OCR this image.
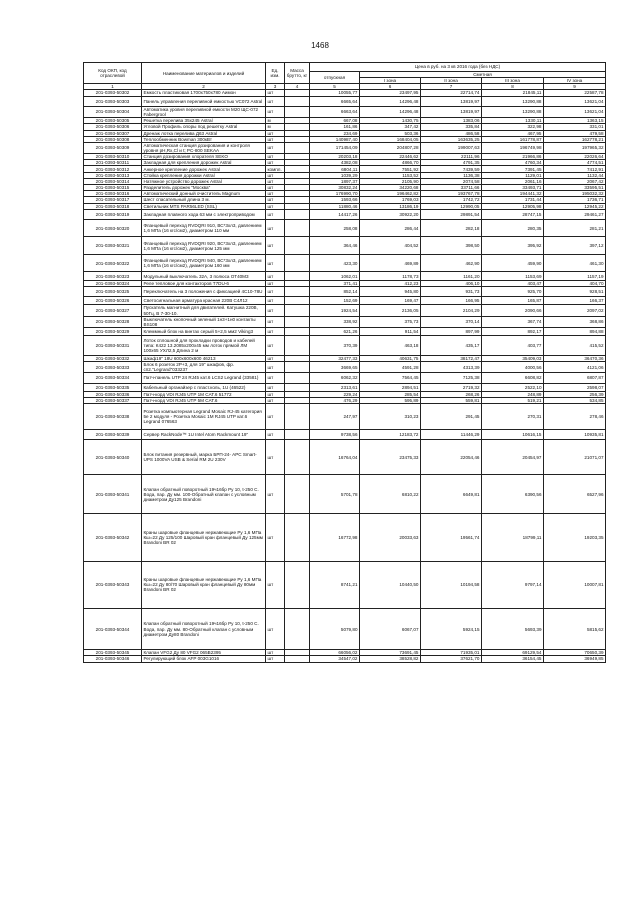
1468
Код ОКП, код отраслевой	Наименование материалов и изделий	Ед. изм.	Масса брутто, кг	Цена в руб. на 3 кв 2016 года (без НДС)				
				отпускная	Сметная			
					I зона	II зона	III зона	IV зона
1	2	3	4	5	6	7	8	9
201-0393-50302	Емкость пластиковая 1700х750х780 Аимон	шт		10055,77	23497,95	22714,74	21845,11	22587,78
201-0393-50303	Панель управления переливной емкостью VC072 Astral	шт		6665,64	14296,48	13819,97	13290,88	13621,04
201-0393-50304	Автоматика уровня переливной емкости M20 ЩС-072 Fabergrool	шт		6663,64	14296,48	13819,97	13290,88	13621,04
201-0393-50305	Решетка перелива 35х245 Astral	м		667,08	1430,75	1383,06	1330,11	1363,15
201-0393-50306	Угловой Профиль опоры под решетку Astral	м		161,86	347,42	335,84	322,98	331,01
201-0393-50307	Дренаж лотка перелива Д63 Astral	шт		234,69	503,36	486,58	467,95	479,58
201-0393-50308	Теплообменник Bowman 300кВт	шт		140987,40	168404,05	163635,25	161778,87	162778,21
201-0393-50309	Автоматическая станция дозирования и контроля уровня pH,Rx,Cl и t; PC-800 SEKAA	шт		171454,09	204807,28	199007,63	196749,98	197965,32
201-0393-50310	Станция дозирования хлорателя SEKO	шт		20203,18	22446,62	22111,96	21966,86	22026,64
201-0393-50311	Закладная для крепления дорожек Astral	шт		4382,08	4866,70	4791,35	4760,34	4774,51
201-0393-50312	Анкерное крепление дорожек Astral	компл.		6804,11	7551,92	7439,59	7391,45	7412,91
201-0393-50313	Стойка крепления дорожки Astral	шт		1039,29	1153,52	1136,38	1129,01	1132,44
201-0393-50314	Натяжное устройство дорожек Astral	шт		1897,37	2105,90	2074,58	2061,16	2067,42
201-0393-50315	Разделитель дорожек "Москва"	шт		30832,24	34220,68	33711,66	33493,71	33595,51
201-0393-50316	Автоматический донный очиститель Magnum	шт		176990,70	196462,82	193767,78	194441,32	195032,32
201-0393-50317	Шест спасательный длина 3 м.	шт		1593,66	1769,03	1742,72	1731,44	1736,71
201-0393-50318	Светильник MTS PAR56LED (SSL)	шт		11880,46	13186,19	12990,05	12905,98	12945,22
201-0393-50319	Закладная плавного хода 63 мм с электроприводом	шт		14417,26	30922,20	29891,54	28747,15	29461,27
201-0393-50320	Фланцевый переход RVDQRI 910, ВС*3хл3, давлением 1,6 МПа (16 кгс/см2), диаметром 110 мм	шт		258,08	286,44	282,18	280,35	281,21
201-0393-50321	Фланцевый переход RVDQRI 920, ВС*3хл3, давлением 1,6 МПа (16 кгс/см2), диаметром 125 мм	шт		364,46	404,52	398,50	395,92	397,12
201-0393-50322	Фланцевый переход RVDQRI 940, ВС*3хл3, давлением 1,6 МПа (16 кгс/см2), диаметром 160 мм	шт		423,30	469,89	462,90	459,90	461,30
201-0393-50323	Модульный выключатель 32А, 3 полюса ОТ40М3	шт		1062,01	1178,73	1161,20	1153,69	1157,19
201-0393-50324	Реле тепловое для контакторов Т7DU-6	шт		371,41	412,23	406,10	403,47	404,70
201-0393-50325	Переключатель на 3 положения с фиксацией 4С10-78U	шт		852,14	945,80	931,73	925,70	928,51
201-0393-50326	Светосигнальная арматура красная 220В С4Л12	шт		152,69	169,47	166,95	165,87	166,37
201-0393-50327	Пускатель магнитный для двигателей. Катушка 220В, 50Гц, В 7-30-10.	шт		1924,54	2136,05	2104,29	2090,66	2097,02
201-0393-50328	Выключатель кнопочный зеленый 1н3+1н0 контакты BS108	шт		338,92	375,73	370,14	367,74	368,86
201-0393-50329	Клеммный блок на винтах серый 5+2,5 мм2 Viking3	шт		621,26	911,54	897,99	892,17	894,88
201-0393-50331	Лоток сплошной для прокладки проводов и кабелей типа: К422 13.2085х200х45 мм лоток прямой ЛМ 100х65 УХЛ2,5 Длина 2 м	шт		370,39	463,18	435,17	403,77	415,52
201-0393-50332	Шкаф19" 18U 600х600х600 46213	шт		32477,33	40631,75	38172,47	35409,03	36470,36
201-0393-50333	Блок 6 розеток 2Р+3, для 19" шкафов, фр. сп2."Legrand"033237	шт		3669,65	4591,28	4313,39	4000,56	4121,06
201-0393-50334	Патч-панель UTP 24 RJ45 кат.6 LCS2 Legrand (33581)	шт		6062,32	7564,45	7125,38	6608,82	6807,87
201-0393-50335	Кабельный органайзер с пласт.коль, 1U (46522)	шт		2313,61	2894,51	2719,32	2522,10	2598,07
201-0393-50336	Патч-корд VDI RJ45 UTP 1M CAT.6 51772	шт		229,24	285,54	268,26	248,89	256,39
201-0393-50337	Патч-корд VDI RJ45 UTP 5M CAT.6	шт		476,29	595,89	559,81	519,21	534,85
201-0393-50338	Розетка компьютерная Legrand Mosaic RJ-45 категория 5е 2 модуля - Розетка Mosaic 1M RJ45 UTP кат.6 Legrand 076563	шт		247,97	310,23	291,45	270,31	278,46
201-0393-50339	Сервер RackNode™ 1U Intel Atom Rackmount 19"	шт		9738,56	12183,72	11446,29	10616,15	10935,81
201-0393-50340	Блок питания резервный, марка БРП-24- АРС Smart-UPS 1000VA USB & Serial RM 2U 230V	шт		16764,04	23475,33	22054,46	20454,97	21071,07
201-0393-50341	Клапан обратный поворотный 19ч16бр Ру 10, t-250 С. Вода, пар. Ду мм. 100-Обратный клапан с условным диаметром Ду125 Brandoni	шт		5701,78	6810,22	6649,81	6390,56	6527,96
201-0393-50342	Краны шаровые фланцевые нержавеющие Ру 1,6 МПа Кш=22 Ду 125/100 Шаровый кран фланцевый Ду 125мм Brandoni BR 02	шт		16772,98	20033,63	19561,74	18799,11	19203,35
201-0393-50343	Краны шаровые фланцевые нержавеющие Ру 1,6 МПа Кш=22 Ду 80/70 Шаровый кран фланцевый Ду 80мм Brandoni BR 02	шт		8741,21	10440,50	10194,58	9797,14	10007,81
201-0393-50344	Клапан обратный поворотный 19ч16бр Ру 10, t-250 С. Вода, пар. Ду мм. 80-Обратный клапан с условным диаметром Ду80 Brandoni	шт		5079,80	6067,07	5924,15	5693,39	5815,62
201-0393-50345	Клапан VFG2 Ду 80 VFG2 065B2395	шт		66056,02	73691,45	71935,01	69129,54	70650,39
201-0393-50346	Регулирующий блок AFP 003G1016	шт		34547,02	38528,82	37621,70	36154,45	36949,85
